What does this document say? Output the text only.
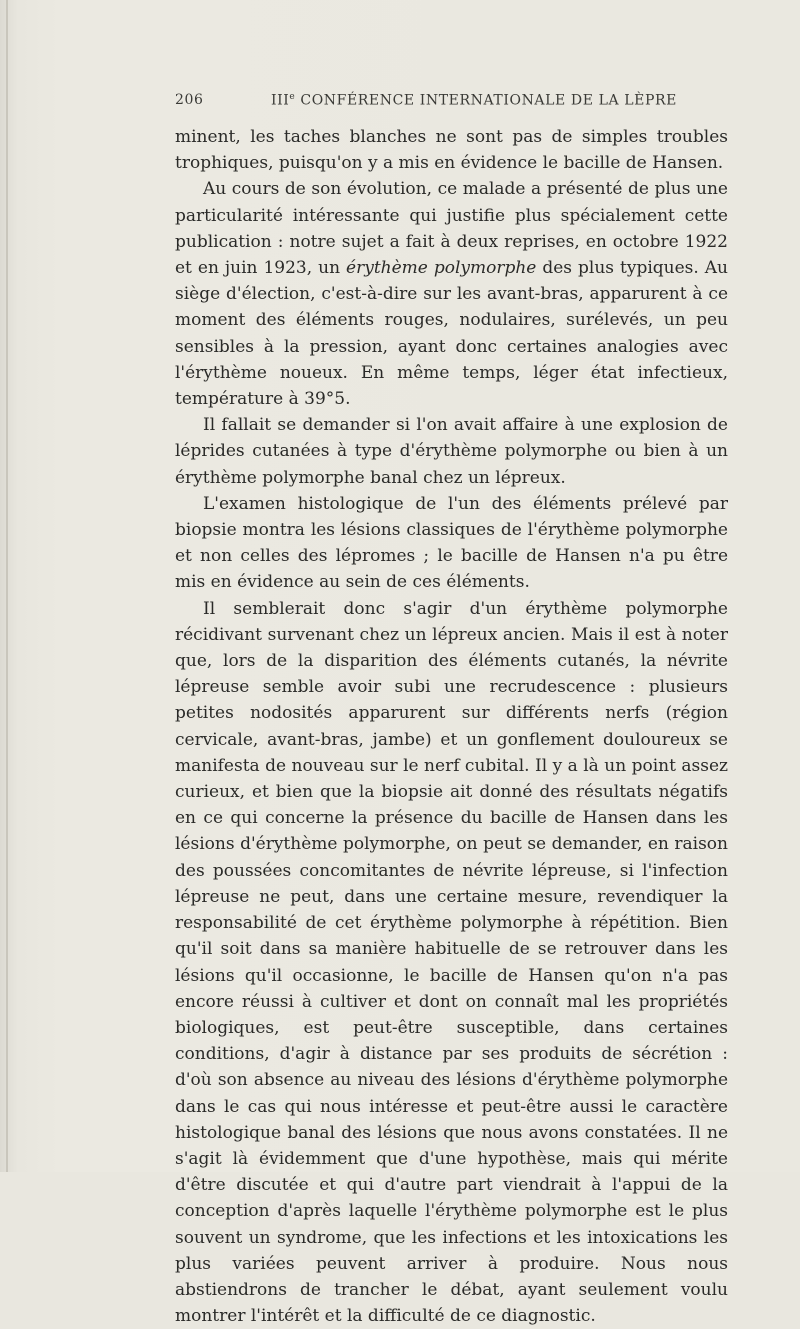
206	IIIe CONFÉRENCE INTERNATIONALE DE LA LÈPRE

minent, les taches blanches ne sont pas de simples troubles trophiques, puisqu'on y a mis en évidence le bacille de Hansen.

Au cours de son évolution, ce malade a présenté de plus une particularité intéressante qui justifie plus spécialement cette publication : notre sujet a fait à deux reprises, en octobre 1922 et en juin 1923, un érythème polymorphe des plus typiques. Au siège d'élection, c'est-à-dire sur les avant-bras, apparurent à ce moment des éléments rouges, nodulaires, surélevés, un peu sensibles à la pression, ayant donc certaines analogies avec l'érythème noueux. En même temps, léger état infectieux, température à 39°5.

Il fallait se demander si l'on avait affaire à une explosion de léprides cutanées à type d'érythème polymorphe ou bien à un érythème polymorphe banal chez un lépreux.

L'examen histologique de l'un des éléments prélevé par biopsie montra les lésions classiques de l'érythème polymorphe et non celles des lépromes ; le bacille de Hansen n'a pu être mis en évidence au sein de ces éléments.

Il semblerait donc s'agir d'un érythème polymorphe récidivant survenant chez un lépreux ancien. Mais il est à noter que, lors de la disparition des éléments cutanés, la névrite lépreuse semble avoir subi une recrudescence : plusieurs petites nodosités apparurent sur différents nerfs (région cervicale, avant-bras, jambe) et un gonflement douloureux se manifesta de nouveau sur le nerf cubital. Il y a là un point assez curieux, et bien que la biopsie ait donné des résultats négatifs en ce qui concerne la présence du bacille de Hansen dans les lésions d'érythème polymorphe, on peut se demander, en raison des poussées concomitantes de névrite lépreuse, si l'infection lépreuse ne peut, dans une certaine mesure, revendiquer la responsabilité de cet érythème polymorphe à répétition. Bien qu'il soit dans sa manière habituelle de se retrouver dans les lésions qu'il occasionne, le bacille de Hansen qu'on n'a pas encore réussi à cultiver et dont on connaît mal les propriétés biologiques, est peut-être susceptible, dans certaines conditions, d'agir à distance par ses produits de sécrétion : d'où son absence au niveau des lésions d'érythème polymorphe dans le cas qui nous intéresse et peut-être aussi le caractère histologique banal des lésions que nous avons constatées. Il ne s'agit là évidemment que d'une hypothèse, mais qui mérite d'être discutée et qui d'autre part viendrait à l'appui de la conception d'après laquelle l'érythème polymorphe est le plus souvent un syndrome, que les infections et les intoxications les plus variées peuvent arriver à produire. Nous nous abstiendrons de trancher le débat, ayant seulement voulu montrer l'intérêt et la difficulté de ce diagnostic.
